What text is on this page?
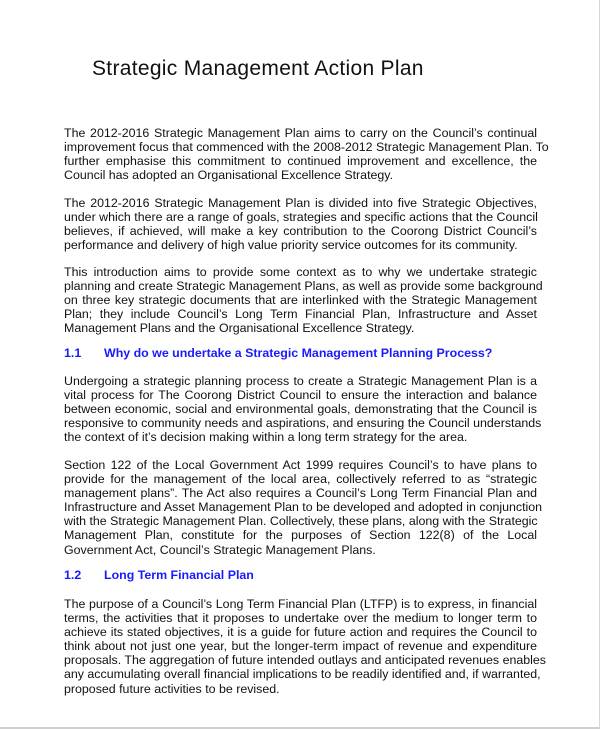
Strategic Management Action Plan
The 2012-2016 Strategic Management Plan aims to carry on the Council’s continual
improvement focus that commenced with the 2008-2012 Strategic Management Plan. To
further emphasise this commitment to continued improvement and excellence, the
Council has adopted an Organisational Excellence Strategy.
The 2012-2016 Strategic Management Plan is divided into five Strategic Objectives,
under which there are a range of goals, strategies and specific actions that the Council
believes, if achieved, will make a key contribution to the Coorong District Council’s
performance and delivery of high value priority service outcomes for its community.
This introduction aims to provide some context as to why we undertake strategic
planning and create Strategic Management Plans, as well as provide some background
on three key strategic documents that are interlinked with the Strategic Management
Plan; they include Council’s Long Term Financial Plan, Infrastructure and Asset
Management Plans and the Organisational Excellence Strategy.
1.1 Why do we undertake a Strategic Management Planning Process?
Undergoing a strategic planning process to create a Strategic Management Plan is a
vital process for The Coorong District Council to ensure the interaction and balance
between economic, social and environmental goals, demonstrating that the Council is
responsive to community needs and aspirations, and ensuring the Council understands
the context of it’s decision making within a long term strategy for the area.
Section 122 of the Local Government Act 1999 requires Council’s to have plans to
provide for the management of the local area, collectively referred to as “strategic
management plans”. The Act also requires a Council’s Long Term Financial Plan and
Infrastructure and Asset Management Plan to be developed and adopted in conjunction
with the Strategic Management Plan. Collectively, these plans, along with the Strategic
Management Plan, constitute for the purposes of Section 122(8) of the Local
Government Act, Council’s Strategic Management Plans.
1.2 Long Term Financial Plan
The purpose of a Council’s Long Term Financial Plan (LTFP) is to express, in financial
terms, the activities that it proposes to undertake over the medium to longer term to
achieve its stated objectives, it is a guide for future action and requires the Council to
think about not just one year, but the longer-term impact of revenue and expenditure
proposals. The aggregation of future intended outlays and anticipated revenues enables
any accumulating overall financial implications to be readily identified and, if warranted,
proposed future activities to be revised.
